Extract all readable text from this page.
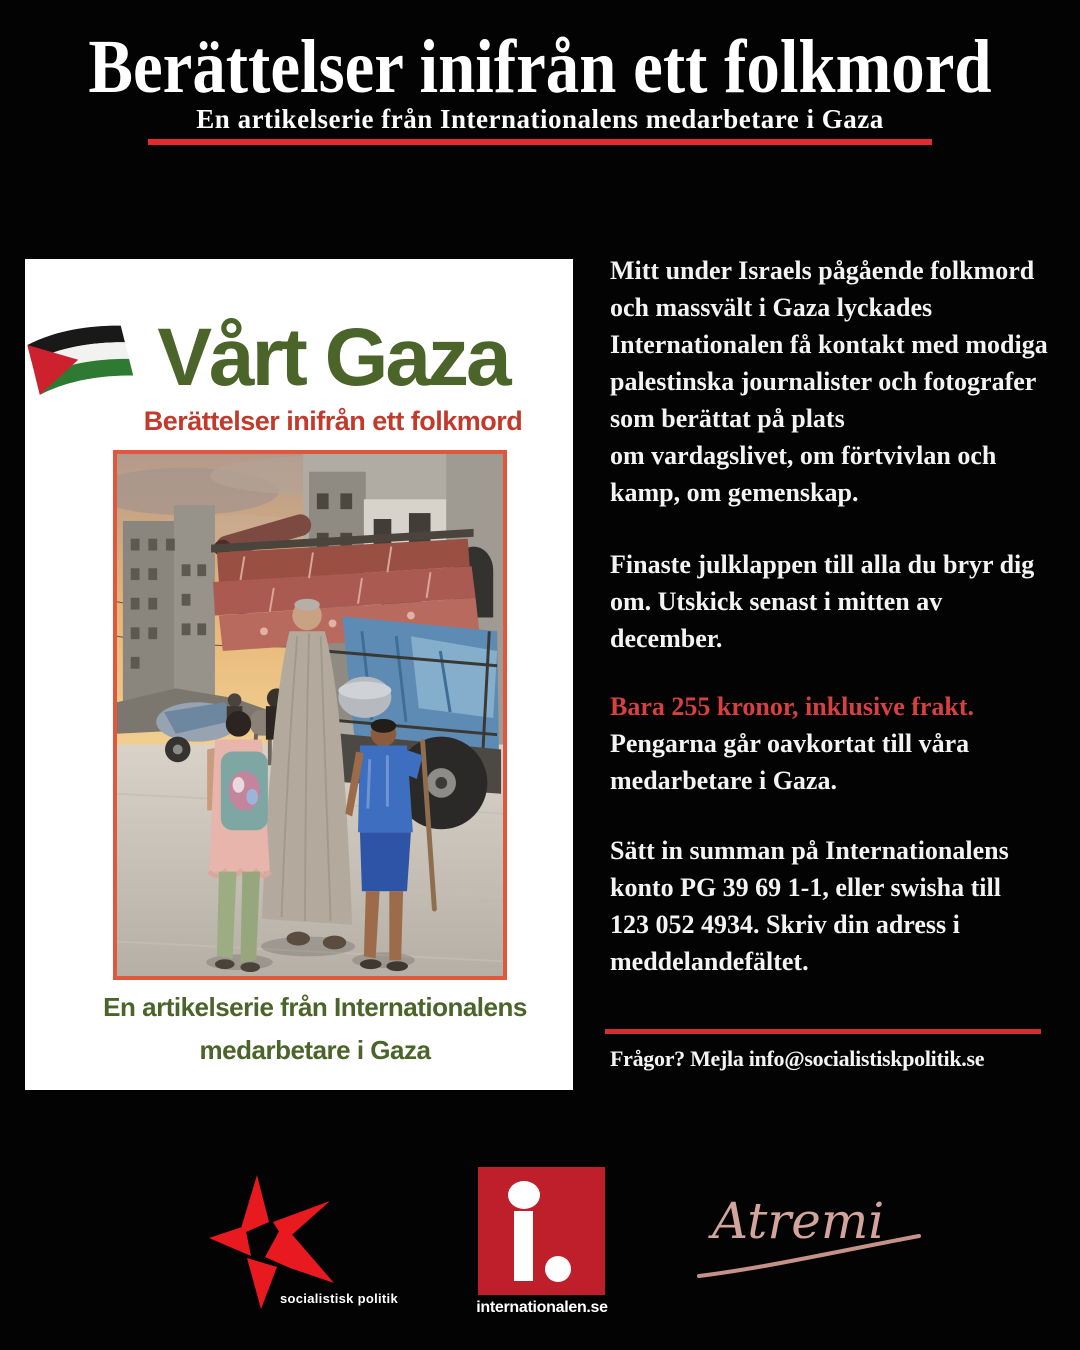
Berättelser inifrån ett folkmord
En artikelserie från Internationalens medarbetare i Gaza
Vårt Gaza
Berättelser inifrån ett folkmord
En artikelserie från Internationalens
medarbetare i Gaza
Mitt under Israels pågående folkmord
och massvält i Gaza lyckades
Internationalen få kontakt med modiga
palestinska journalister och fotografer
som berättat på plats
om vardagslivet, om förtvivlan och
kamp, om gemenskap.
Finaste julklappen till alla du bryr dig
om. Utskick senast i mitten av
december.
Bara 255 kronor, inklusive frakt.
Pengarna går oavkortat till våra
medarbetare i Gaza.
Sätt in summan på Internationalens
konto PG 39 69 1-1, eller swisha till
123 052 4934. Skriv din adress i
meddelandefältet.
Frågor? Mejla info@socialistiskpolitik.se
socialistisk politik
internationalen.se
Atremi
